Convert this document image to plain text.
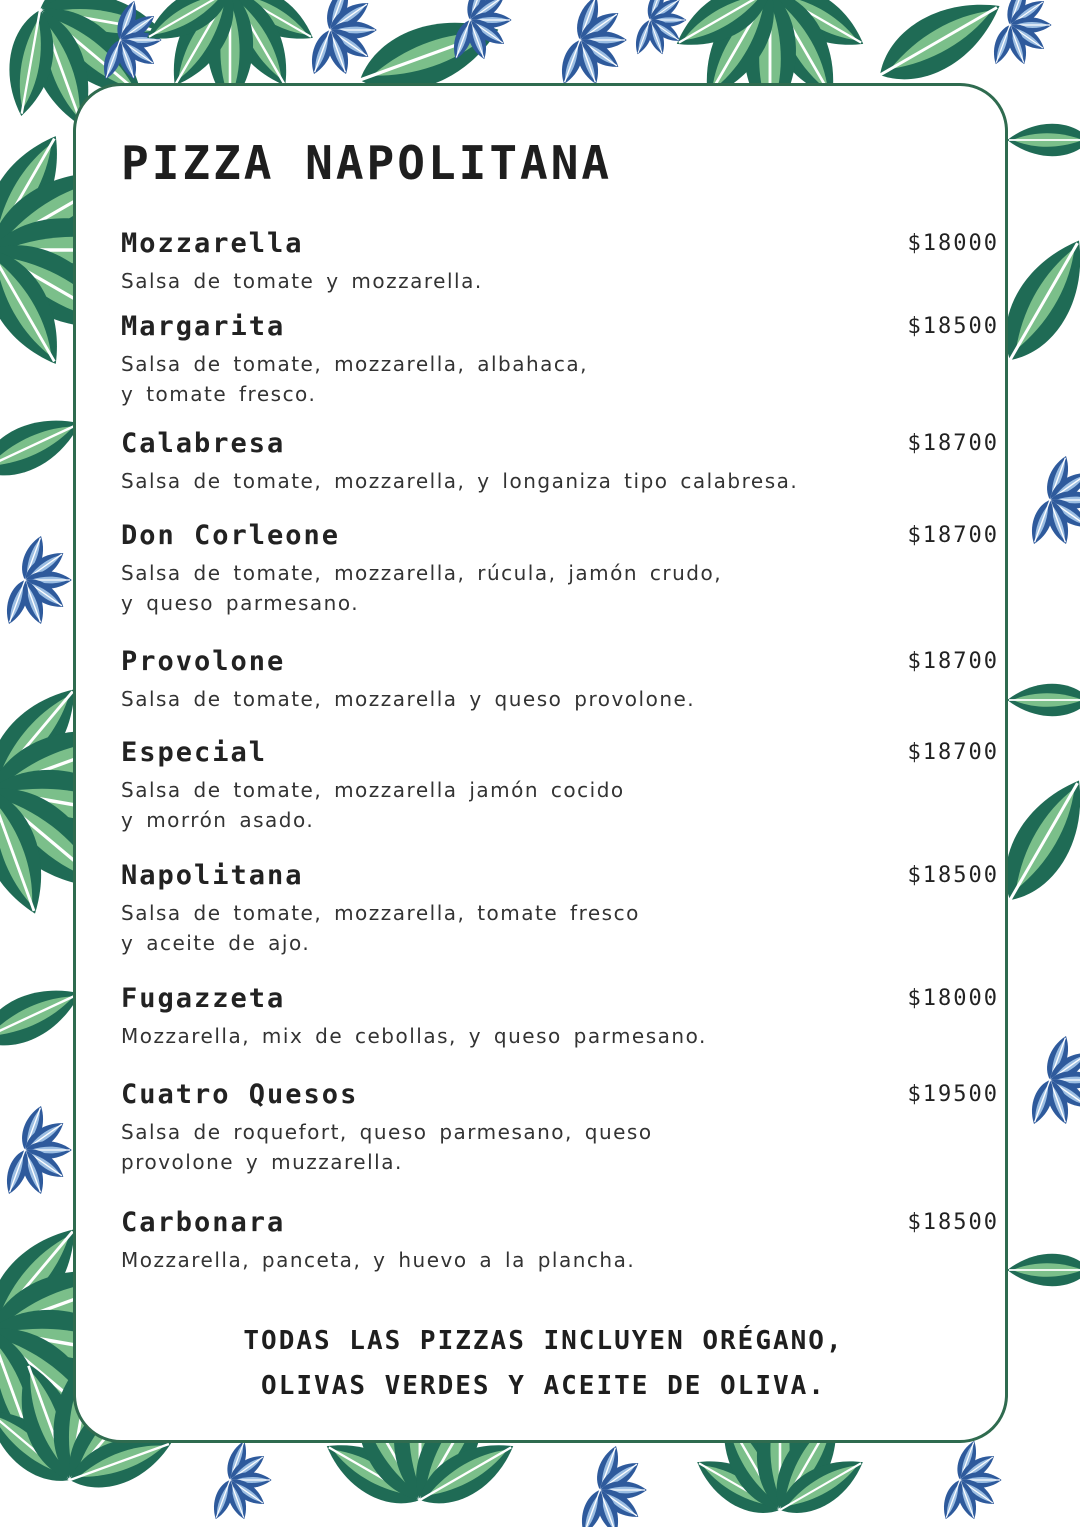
PIZZA NAPOLITANA
Mozzarella	$18000
Salsa de tomate y mozzarella.
Margarita	$18500
Salsa de tomate, mozzarella, albahaca,
y tomate fresco.
Calabresa	$18700
Salsa de tomate, mozzarella, y longaniza tipo calabresa.
Don Corleone	$18700
Salsa de tomate, mozzarella, rúcula, jamón crudo,
y queso parmesano.
Provolone	$18700
Salsa de tomate, mozzarella y queso provolone.
Especial	$18700
Salsa de tomate, mozzarella jamón cocido
y morrón asado.
Napolitana	$18500
Salsa de tomate, mozzarella, tomate fresco
y aceite de ajo.
Fugazzeta	$18000
Mozzarella, mix de cebollas, y queso parmesano.
Cuatro Quesos	$19500
Salsa de roquefort, queso parmesano, queso
provolone y muzzarella.
Carbonara	$18500
Mozzarella, panceta, y huevo a la plancha.
TODAS LAS PIZZAS INCLUYEN ORÉGANO,
OLIVAS VERDES Y ACEITE DE OLIVA.
